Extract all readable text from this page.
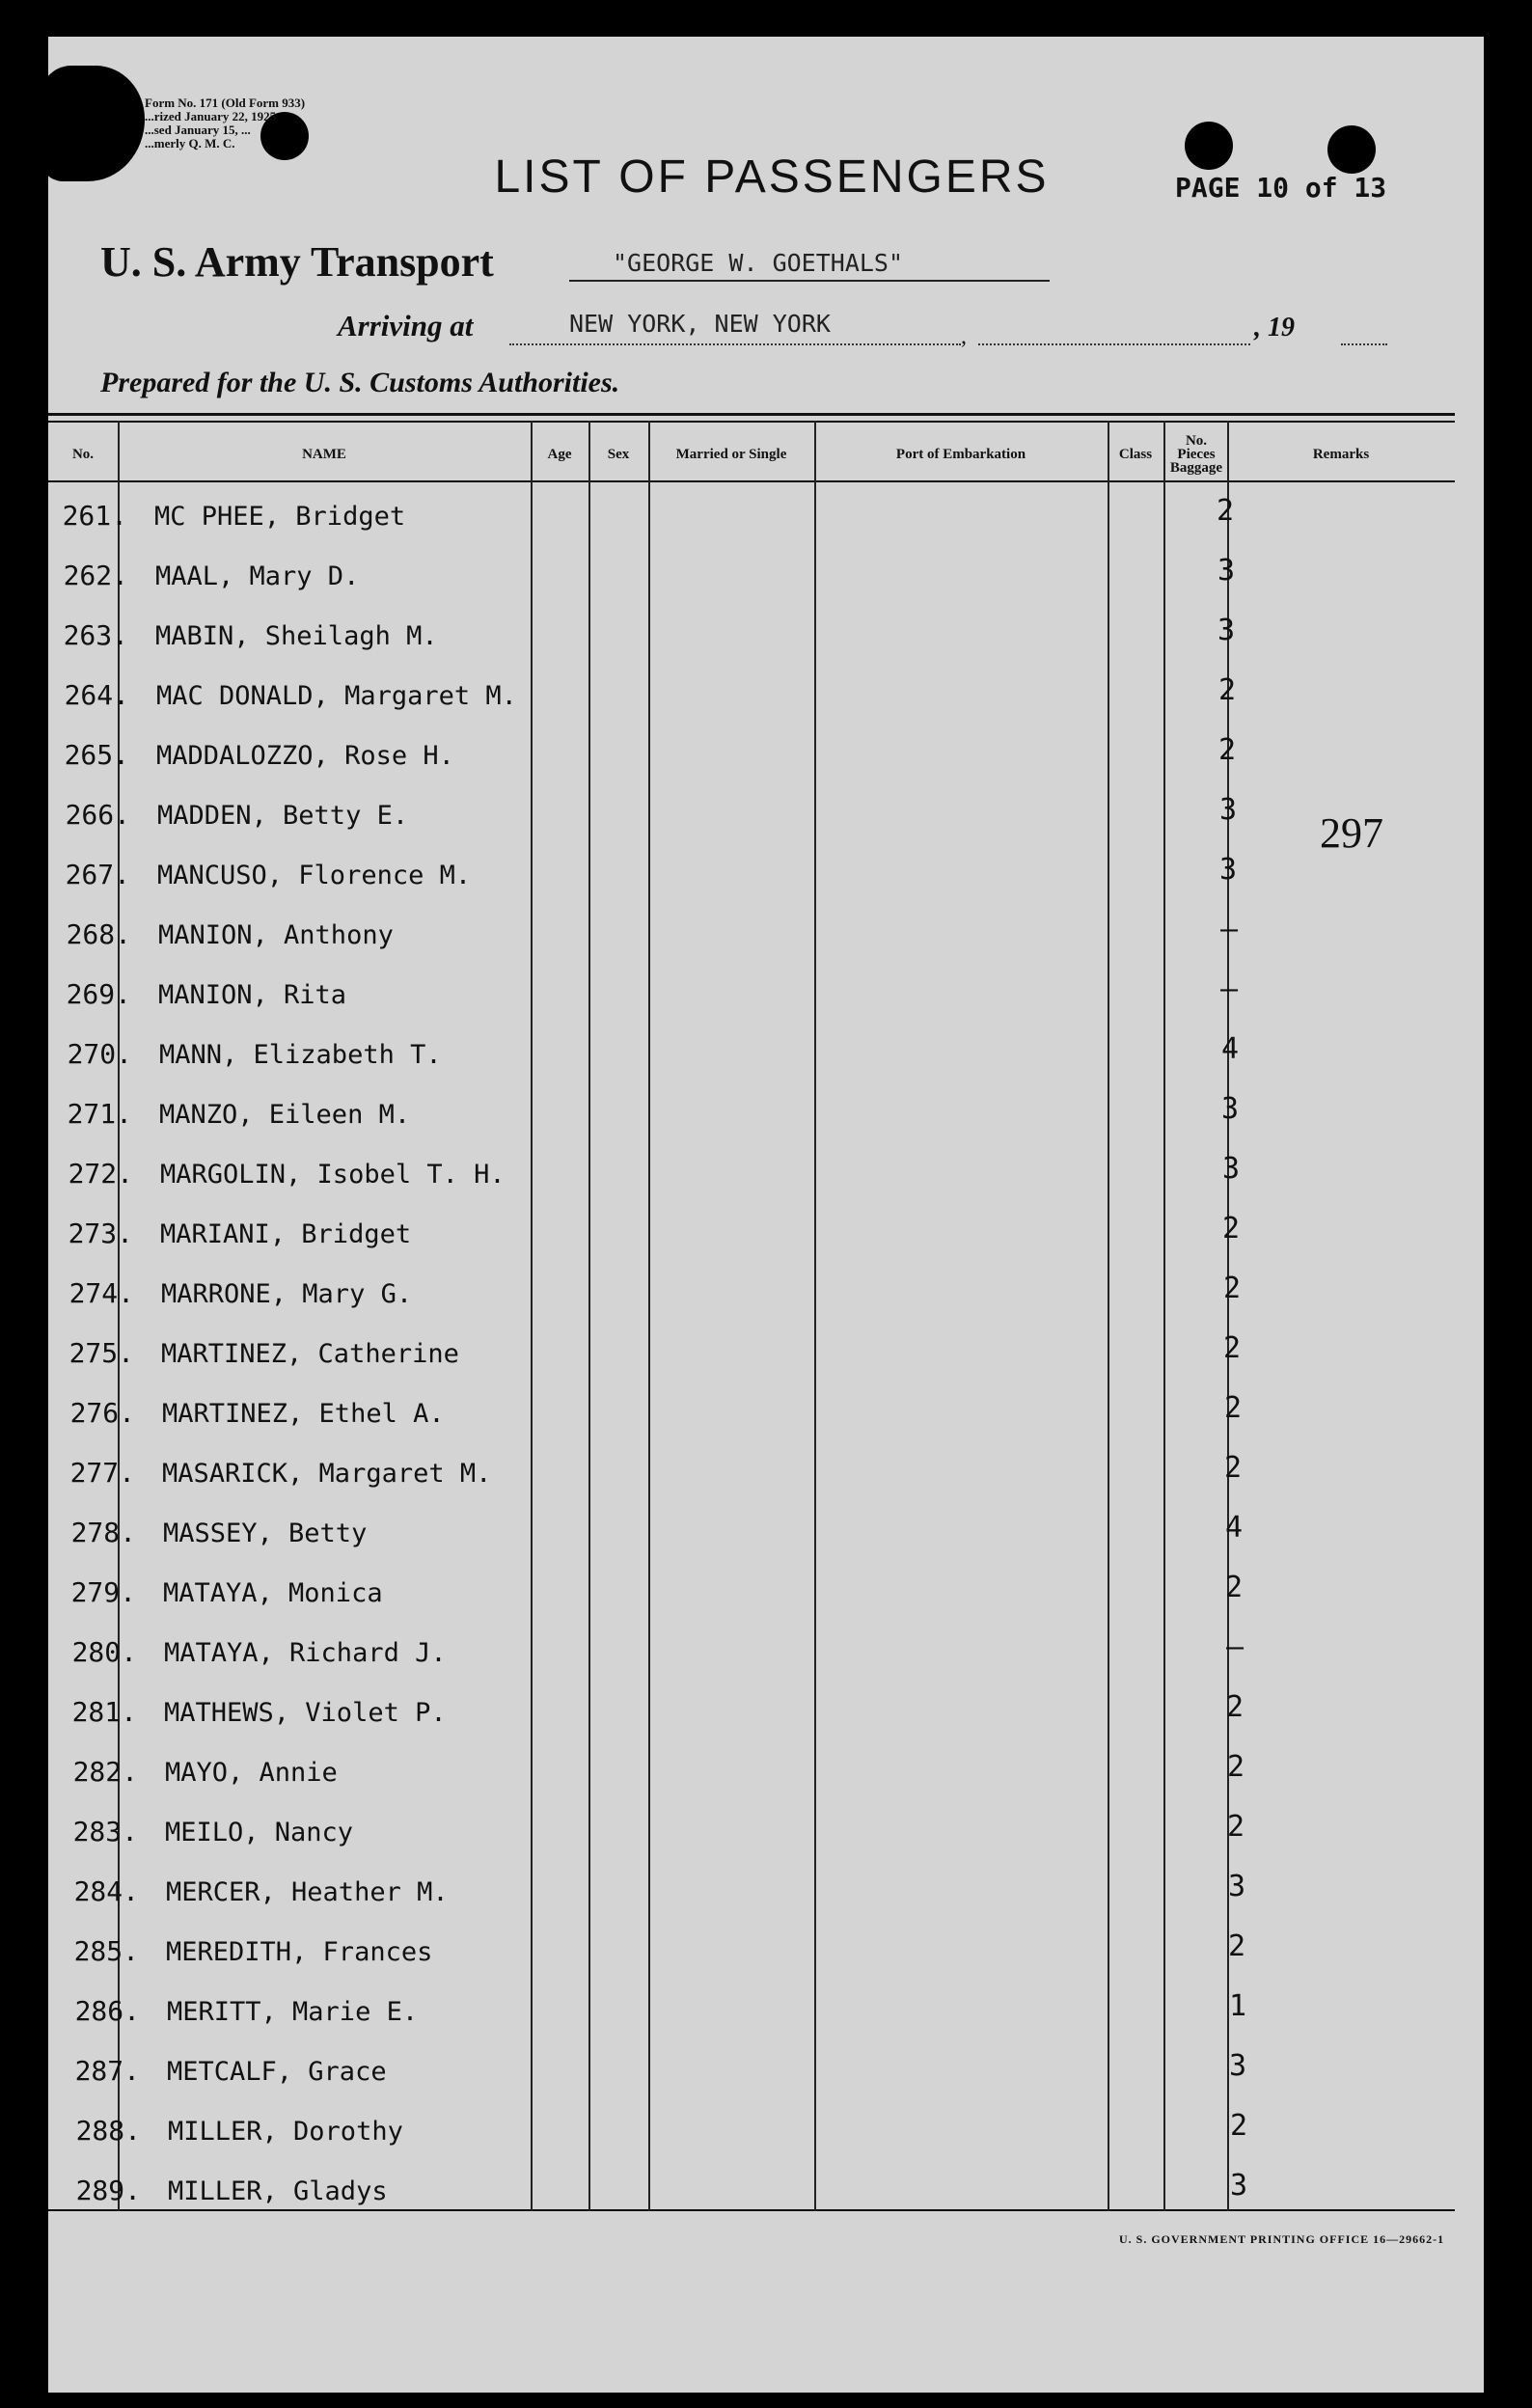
Form No. 171 (Old Form 933)
...rized January 22, 1925
...sed January 15, ...
...merly Q. M. C.
LIST OF PASSENGERS	PAGE 10 of 13
U. S. Army Transport	"GEORGE W. GOETHALS"
Arriving at	NEW YORK, NEW YORK	,	, 19
Prepared for the U. S. Customs Authorities.
No.	NAME	Age	Sex	Married or Single	Port of Embarkation	Class
No. Pieces Baggage
Remarks
261. MC PHEE, Bridget	2
262. MAAL, Mary D.	3
263. MABIN, Sheilagh M.	3
264. MAC DONALD, Margaret M.	2
265. MADDALOZZO, Rose H.	2
266. MADDEN, Betty E.	3
267. MANCUSO, Florence M.	3
268. MANION, Anthony	—
269. MANION, Rita	—
270. MANN, Elizabeth T.	4
271. MANZO, Eileen M.	3
272. MARGOLIN, Isobel T. H.	3
273. MARIANI, Bridget	2
274. MARRONE, Mary G.	2
275. MARTINEZ, Catherine	2
276. MARTINEZ, Ethel A.	2
277. MASARICK, Margaret M.	2
278. MASSEY, Betty	4
279. MATAYA, Monica	2
280. MATAYA, Richard J.	—
281. MATHEWS, Violet P.	2
282. MAYO, Annie	2
283. MEILO, Nancy	2
284. MERCER, Heather M.	3
285. MEREDITH, Frances	2
286. MERITT, Marie E.	1
287. METCALF, Grace	3
288. MILLER, Dorothy	2
289. MILLER, Gladys	3
297
U. S. GOVERNMENT PRINTING OFFICE 16—29662-1
